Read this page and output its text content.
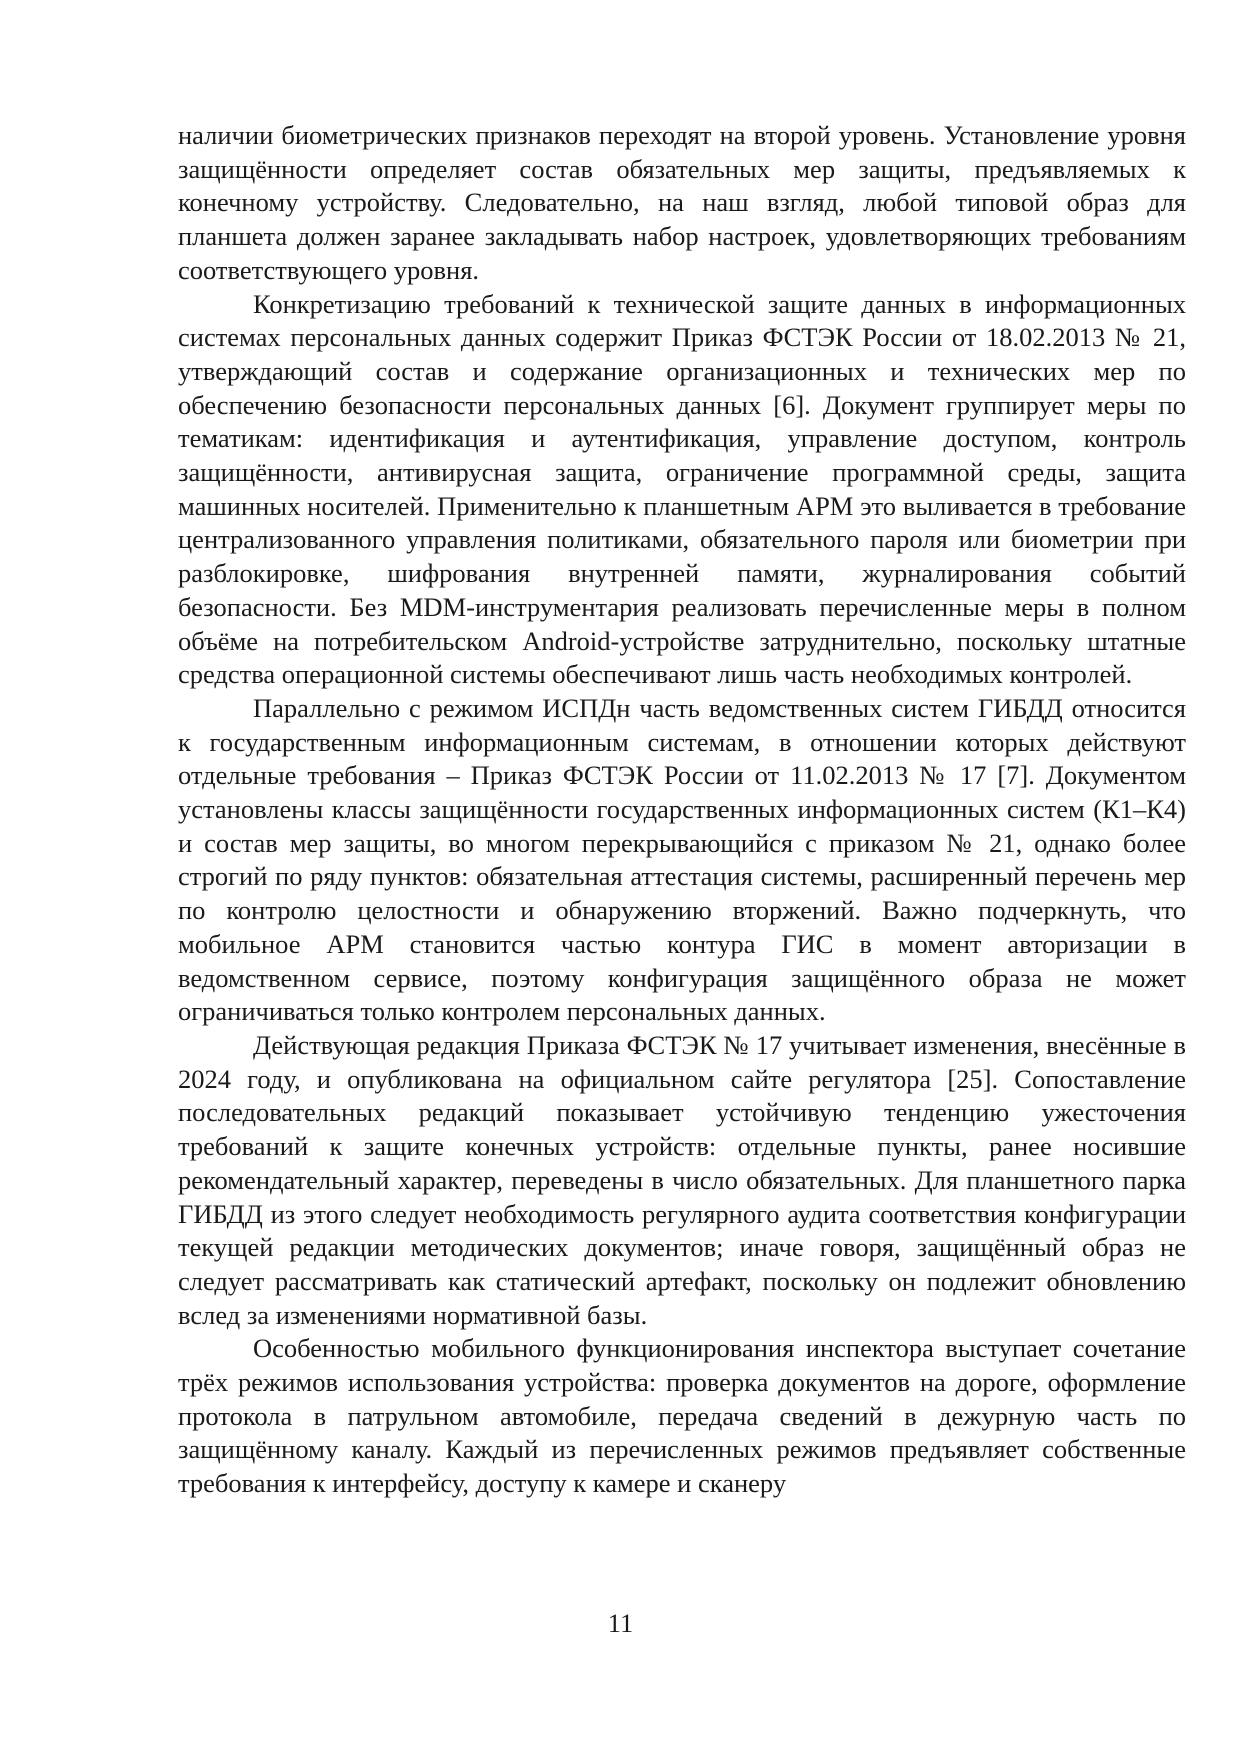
наличии биометрических признаков переходят на второй уровень. Установление уровня защищённости определяет состав обязательных мер защиты, предъявляемых к конечному устройству. Следовательно, на наш взгляд, любой типовой образ для планшета должен заранее закладывать набор настроек, удовлетворяющих требованиям соответствующего уровня.

Конкретизацию требований к технической защите данных в информационных системах персональных данных содержит Приказ ФСТЭК России от 18.02.2013 № 21, утверждающий состав и содержание организационных и технических мер по обеспечению безопасности персональных данных [6]. Документ группирует меры по тематикам: идентификация и аутентификация, управление доступом, контроль защищённости, антивирусная защита, ограничение программной среды, защита машинных носителей. Применительно к планшетным АРМ это выливается в требование централизованного управления политиками, обязательного пароля или биометрии при разблокировке, шифрования внутренней памяти, журналирования событий безопасности. Без MDM-инструментария реализовать перечисленные меры в полном объёме на потребительском Android-устройстве затруднительно, поскольку штатные средства операционной системы обеспечивают лишь часть необходимых контролей.

Параллельно с режимом ИСПДн часть ведомственных систем ГИБДД относится к государственным информационным системам, в отношении которых действуют отдельные требования – Приказ ФСТЭК России от 11.02.2013 № 17 [7]. Документом установлены классы защищённости государственных информационных систем (К1–К4) и состав мер защиты, во многом перекрывающийся с приказом № 21, однако более строгий по ряду пунктов: обязательная аттестация системы, расширенный перечень мер по контролю целостности и обнаружению вторжений. Важно подчеркнуть, что мобильное АРМ становится частью контура ГИС в момент авторизации в ведомственном сервисе, поэтому конфигурация защищённого образа не может ограничиваться только контролем персональных данных.

Действующая редакция Приказа ФСТЭК № 17 учитывает изменения, внесённые в 2024 году, и опубликована на официальном сайте регулятора [25]. Сопоставление последовательных редакций показывает устойчивую тенденцию ужесточения требований к защите конечных устройств: отдельные пункты, ранее носившие рекомендательный характер, переведены в число обязательных. Для планшетного парка ГИБДД из этого следует необходимость регулярного аудита соответствия конфигурации текущей редакции методических документов; иначе говоря, защищённый образ не следует рассматривать как статический артефакт, поскольку он подлежит обновлению вслед за изменениями нормативной базы.

Особенностью мобильного функционирования инспектора выступает сочетание трёх режимов использования устройства: проверка документов на дороге, оформление протокола в патрульном автомобиле, передача сведений в дежурную часть по защищённому каналу. Каждый из перечисленных режимов предъявляет собственные требования к интерфейсу, доступу к камере и сканеру

11
